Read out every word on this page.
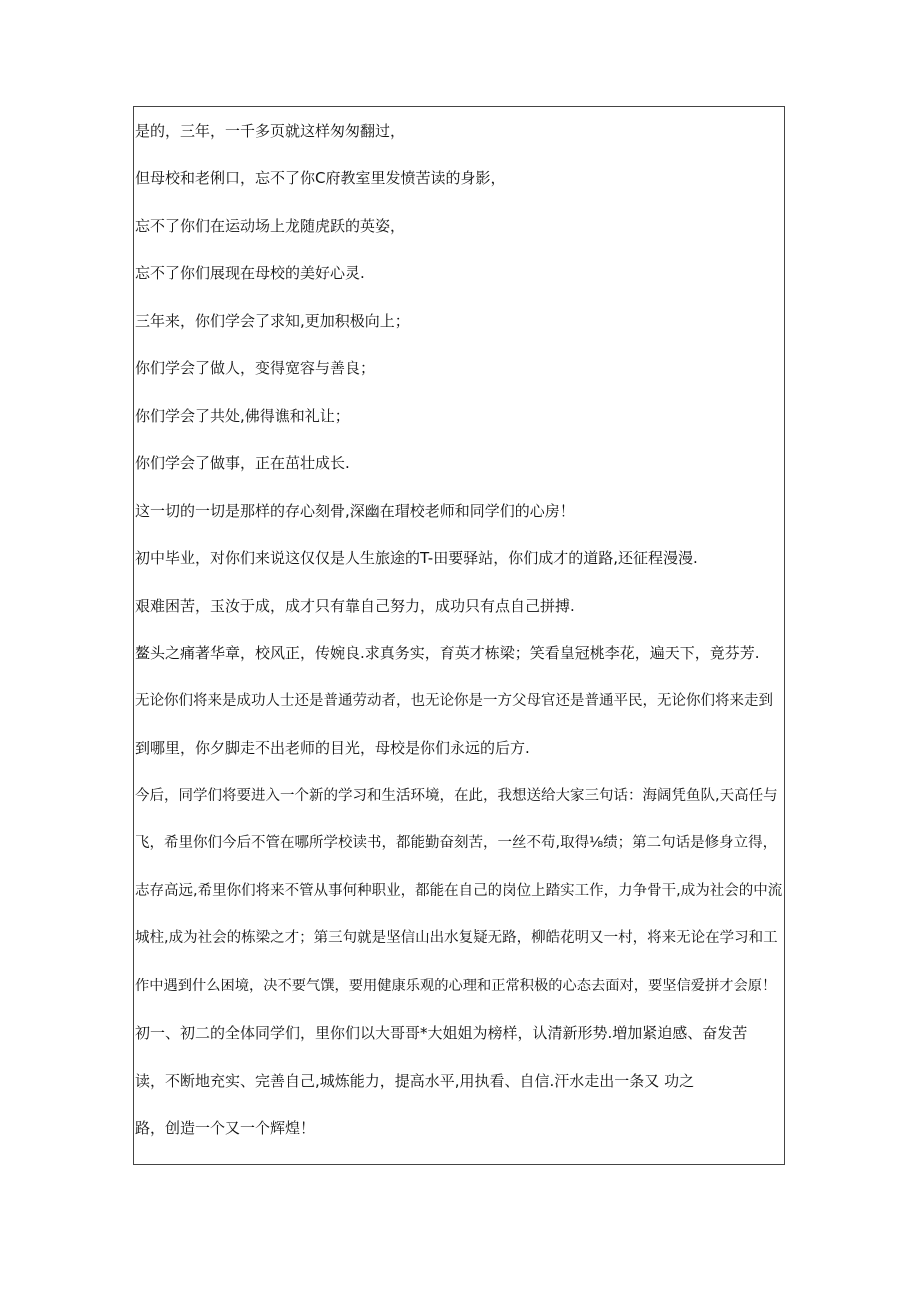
是的，三年，一千多页就这样匆匆翻过，
但母校和老俐口，忘不了你C府教室里发愤苦读的身影，
忘不了你们在运动场上龙随虎跃的英姿，
忘不了你们展现在母校的美好心灵.
三年来，你们学会了求知,更加积极向上；
你们学会了做人，变得宽容与善良；
你们学会了共处,佛得谯和礼让；
你们学会了做事，正在茁壮成长.
这一切的一切是那样的存心刻骨,深幽在瑁校老师和同学们的心房！
初中毕业，对你们来说这仅仅是人生旅途的T-田要驿站，你们成才的道路,还征程漫漫.
艰难困苦，玉汝于成，成才只有靠自己努力，成功只有点自己拼搏.
鳌头之痛著华章，校风正，传婉良.求真务实，育英才栋梁；笑看皇冠桃李花，遍天下，竟芬芳.
无论你们将来是成功人士还是普通劳动者，也无论你是一方父母官还是普通平民，无论你们将来走到
到哪里，你夕脚走不出老师的目光，母校是你们永远的后方.
今后，同学们将要进入一个新的学习和生活环境，在此，我想送给大家三句话：海阔凭鱼队,天高任与
飞，希里你们今后不管在哪所学校读书，都能勤奋刻苦，一丝不苟,取得⅛绩；第二句话是修身立得，
志存高远,希里你们将来不管从事何种职业，都能在自己的岗位上踏实工作，力争骨干,成为社会的中流
城柱,成为社会的栋梁之才；第三句就是坚信山出水复疑无路，柳皓花明又一村，将来无论在学习和工
作中遇到什么困境，决不要气馔，要用健康乐观的心理和正常积极的心态去面对，要坚信爱拼才会原！
初一、初二的全体同学们，里你们以大哥哥*大姐姐为榜样，认清新形势.増加紧迫感、奋发苦
读，不断地充实、完善自己,城炼能力，提高水平,用执看、自信.汗水走出一条又 功之
路，创造一个又一个辉煌！
